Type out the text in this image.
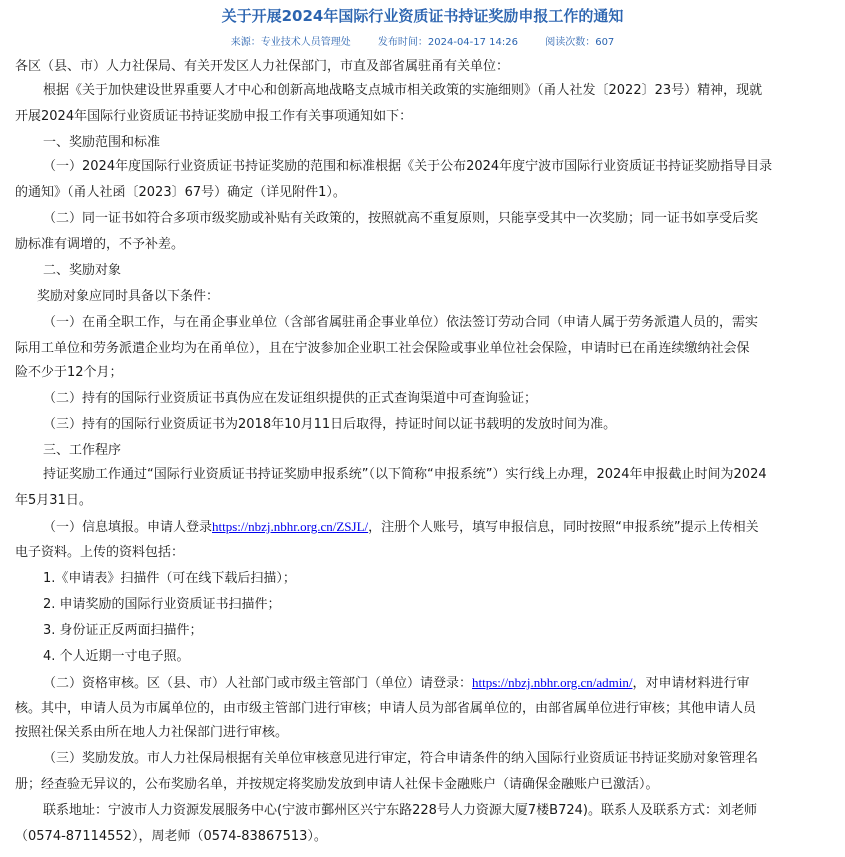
关于开展2024年国际行业资质证书持证奖励申报工作的通知
来源：专业技术人员管理处	发布时间：2024-04-17 14:26	阅读次数：607
各区（县、市）人力社保局、有关开发区人力社保部门，市直及部省属驻甬有关单位：
根据《关于加快建设世界重要人才中心和创新高地战略支点城市相关政策的实施细则》（甬人社发〔2022〕23号）精神，现就
开展2024年国际行业资质证书持证奖励申报工作有关事项通知如下：
一、奖励范围和标准
（一）2024年度国际行业资质证书持证奖励的范围和标准根据《关于公布2024年度宁波市国际行业资质证书持证奖励指导目录
的通知》（甬人社函〔2023〕67号）确定（详见附件1）。
（二）同一证书如符合多项市级奖励或补贴有关政策的，按照就高不重复原则，只能享受其中一次奖励；同一证书如享受后奖
励标准有调增的，不予补差。
二、奖励对象
奖励对象应同时具备以下条件：
（一）在甬全职工作，与在甬企事业单位（含部省属驻甬企事业单位）依法签订劳动合同（申请人属于劳务派遣人员的，需实
际用工单位和劳务派遣企业均为在甬单位），且在宁波参加企业职工社会保险或事业单位社会保险，申请时已在甬连续缴纳社会保
险不少于12个月；
（二）持有的国际行业资质证书真伪应在发证组织提供的正式查询渠道中可查询验证；
（三）持有的国际行业资质证书为2018年10月11日后取得，持证时间以证书载明的发放时间为准。
三、工作程序
持证奖励工作通过“国际行业资质证书持证奖励申报系统”（以下简称“申报系统”）实行线上办理，2024年申报截止时间为2024
年5月31日。
（一）信息填报。申请人登录https://nbzj.nbhr.org.cn/ZSJL/，注册个人账号，填写申报信息，同时按照“申报系统”提示上传相关
电子资料。上传的资料包括：
1.《申请表》扫描件（可在线下载后扫描）；
2. 申请奖励的国际行业资质证书扫描件；
3. 身份证正反两面扫描件；
4. 个人近期一寸电子照。
（二）资格审核。区（县、市）人社部门或市级主管部门（单位）请登录：https://nbzj.nbhr.org.cn/admin/，对申请材料进行审
核。其中，申请人员为市属单位的，由市级主管部门进行审核；申请人员为部省属单位的，由部省属单位进行审核；其他申请人员
按照社保关系由所在地人力社保部门进行审核。
（三）奖励发放。市人力社保局根据有关单位审核意见进行审定，符合申请条件的纳入国际行业资质证书持证奖励对象管理名
册；经查验无异议的，公布奖励名单，并按规定将奖励发放到申请人社保卡金融账户（请确保金融账户已激活）。
联系地址：宁波市人力资源发展服务中心(宁波市鄞州区兴宁东路228号人力资源大厦7楼B724)。联系人及联系方式：刘老师
（0574-87114552），周老师（0574-83867513）。
